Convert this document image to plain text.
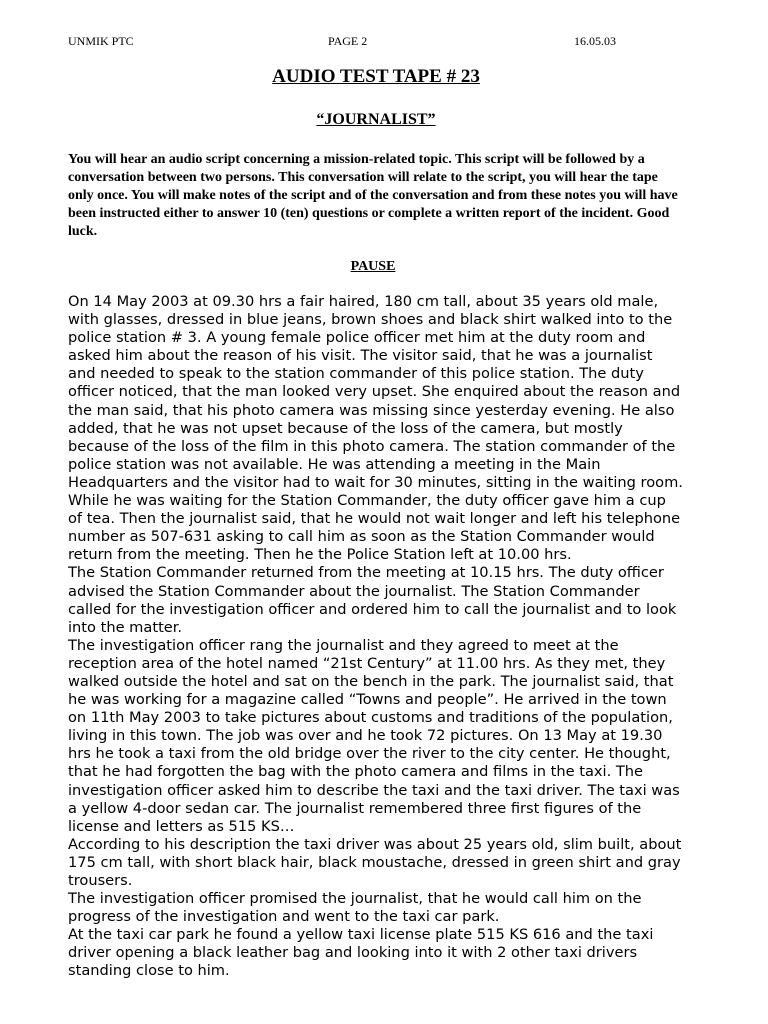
UNMIK PTC	PAGE 2	16.05.03
AUDIO TEST TAPE # 23
“JOURNALIST”
You will hear an audio script concerning a mission-related topic. This script will be followed by a conversation between two persons. This conversation will relate to the script, you will hear the tape only once. You will make notes of the script and of the conversation and from these notes you will have been instructed either to answer 10 (ten) questions or complete a written report of the incident. Good luck.
PAUSE

On 14 May 2003 at 09.30 hrs a fair haired, 180 cm tall, about 35 years old male, with glasses, dressed in blue jeans, brown shoes and black shirt walked into to the police station # 3. A young female police officer met him at the duty room and asked him about the reason of his visit. The visitor said, that he was a journalist and needed to speak to the station commander of this police station. The duty officer noticed, that the man looked very upset. She enquired about the reason and the man said, that his photo camera was missing since yesterday evening. He also added, that he was not upset because of the loss of the camera, but mostly because of the loss of the film in this photo camera. The station commander of the police station was not available. He was attending a meeting in the Main Headquarters and the visitor had to wait for 30 minutes, sitting in the waiting room. While he was waiting for the Station Commander, the duty officer gave him a cup of tea. Then the journalist said, that he would not wait longer and left his telephone number as 507-631 asking to call him as soon as the Station Commander would return from the meeting. Then he the Police Station left at 10.00 hrs.

The Station Commander returned from the meeting at 10.15 hrs. The duty officer advised the Station Commander about the journalist. The Station Commander called for the investigation officer and ordered him to call the journalist and to look into the matter.

The investigation officer rang the journalist and they agreed to meet at the reception area of the hotel named “21st Century” at 11.00 hrs. As they met, they walked outside the hotel and sat on the bench in the park. The journalist said, that he was working for a magazine called “Towns and people”. He arrived in the town on 11th May 2003 to take pictures about customs and traditions of the population, living in this town. The job was over and he took 72 pictures. On 13 May at 19.30 hrs he took a taxi from the old bridge over the river to the city center. He thought, that he had forgotten the bag with the photo camera and films in the taxi. The investigation officer asked him to describe the taxi and the taxi driver. The taxi was a yellow 4-door sedan car. The journalist remembered three first figures of the license and letters as 515 KS…

According to his description the taxi driver was about 25 years old, slim built, about 175 cm tall, with short black hair, black moustache, dressed in green shirt and gray trousers.

The investigation officer promised the journalist, that he would call him on the progress of the investigation and went to the taxi car park.

At the taxi car park he found a yellow taxi license plate 515 KS 616 and the taxi driver opening a black leather bag and looking into it with 2 other taxi drivers standing close to him.
